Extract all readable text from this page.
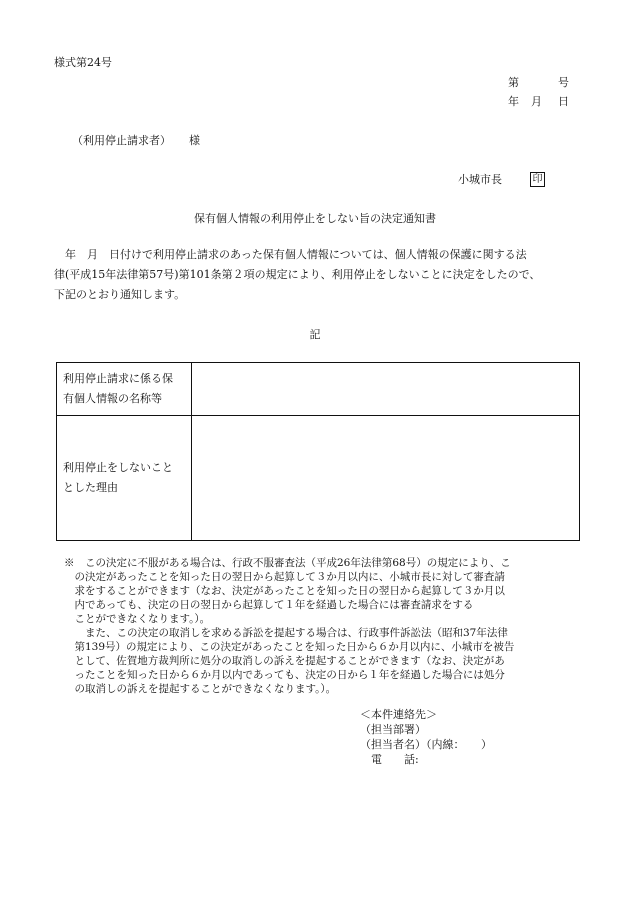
様式第24号
第	号
年 月 日
（利用停止請求者） 様
小城市長	印
保有個人情報の利用停止をしない旨の決定通知書
　年　月　日付けで利用停止請求のあった保有個人情報については、個人情報の保護に関する法
律(平成15年法律第57号)第101条第２項の規定により、利用停止をしないことに決定をしたので、
下記のとおり通知します。
記
利用停止請求に係る保
有個人情報の名称等	

利用停止をしないこと
とした理由	

※　この決定に不服がある場合は、行政不服審査法（平成26年法律第68号）の規定により、こ
　の決定があったことを知った日の翌日から起算して３か月以内に、小城市長に対して審査請
　求をすることができます（なお、決定があったことを知った日の翌日から起算して３か月以
　内であっても、決定の日の翌日から起算して１年を経過した場合には審査請求をする
　ことができなくなります。）。
　　また、この決定の取消しを求める訴訟を提起する場合は、行政事件訴訟法（昭和37年法律
　第139号）の規定により、この決定があったことを知った日から６か月以内に、小城市を被告
　として、佐賀地方裁判所に処分の取消しの訴えを提起することができます（なお、決定があ
　ったことを知った日から６か月以内であっても、決定の日から１年を経過した場合には処分
　の取消しの訴えを提起することができなくなります。）。
＜本件連絡先＞
（担当部署）
（担当者名）（内線：　　）
　電　　話:
